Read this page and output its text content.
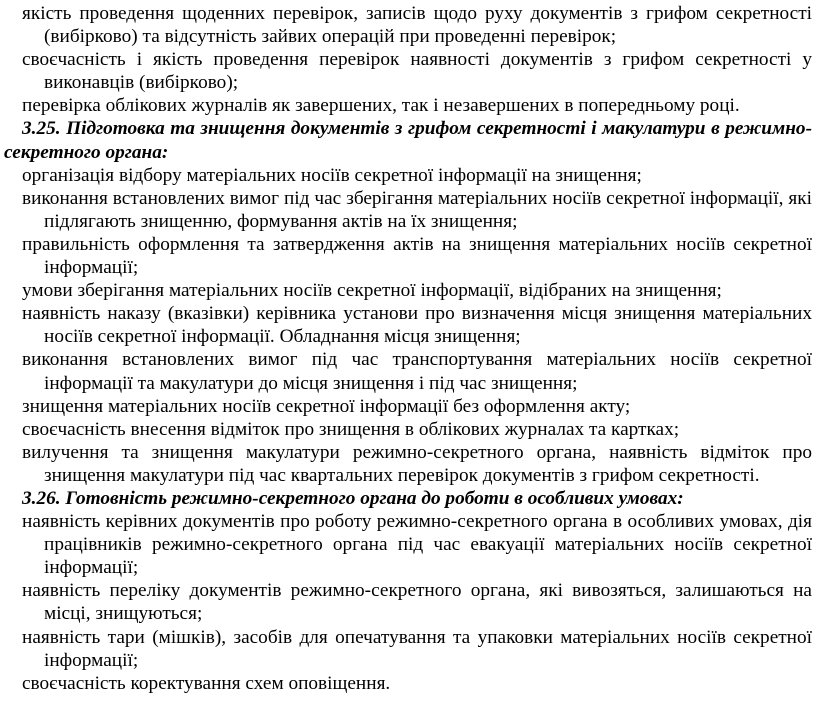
якість проведення щоденних перевірок, записів щодо руху документів з грифом секретності (вибірково) та відсутність зайвих операцій при проведенні перевірок;

своєчасність і якість проведення перевірок наявності документів з грифом секретності у виконавців (вибірково);

перевірка облікових журналів як завершених, так і незавершених в попередньому році.

3.25. Підготовка та знищення документів з грифом секретності і макулатури в режимно-секретного органа:

організація відбору матеріальних носіїв секретної інформації на знищення;

виконання встановлених вимог під час зберігання матеріальних носіїв секретної інформації, які підлягають знищенню, формування актів на їх знищення;

правильність оформлення та затвердження актів на знищення матеріальних носіїв секретної інформації;

умови зберігання матеріальних носіїв секретної інформації, відібраних на знищення;

наявність наказу (вказівки) керівника установи про визначення місця знищення матеріальних носіїв секретної інформації. Обладнання місця знищення;

виконання встановлених вимог під час транспортування матеріальних носіїв секретної інформації та макулатури до місця знищення і під час знищення;

знищення матеріальних носіїв секретної інформації без оформлення акту;

своєчасність внесення відміток про знищення в облікових журналах та картках;

вилучення та знищення макулатури режимно-секретного органа, наявність відміток про знищення макулатури під час квартальних перевірок документів з грифом секретності.

3.26. Готовність режимно-секретного органа до роботи в особливих умовах:

наявність керівних документів про роботу режимно-секретного органа в особливих умовах, дія працівників режимно-секретного органа під час евакуації матеріальних носіїв секретної інформації;

наявність переліку документів режимно-секретного органа, які вивозяться, залишаються на місці, знищуються;

наявність тари (мішків), засобів для опечатування та упаковки матеріальних носіїв секретної інформації;

своєчасність коректування схем оповіщення.
